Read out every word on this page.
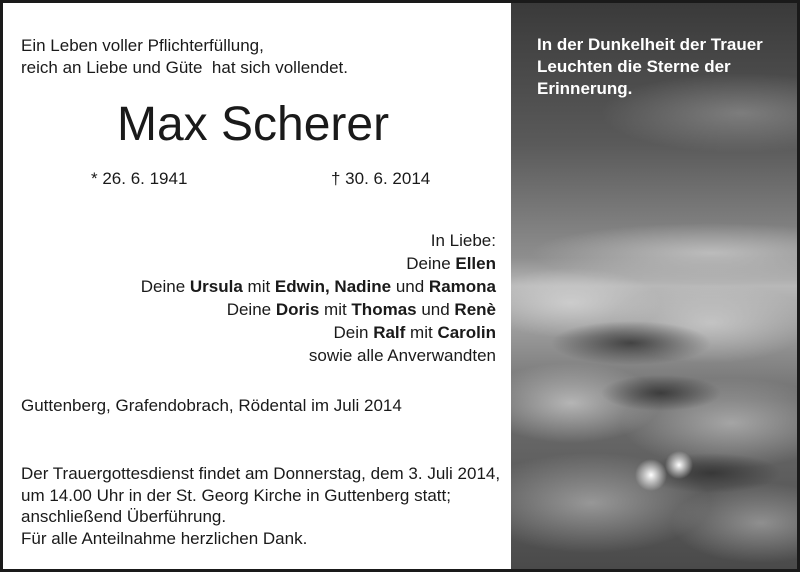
Ein Leben voller Pflichterfüllung,
reich an Liebe und Güte  hat sich vollendet.
Max Scherer
* 26. 6. 1941	† 30. 6. 2014
In Liebe:
Deine Ellen
Deine Ursula mit Edwin, Nadine und Ramona
Deine Doris mit Thomas und Renè
Dein Ralf mit Carolin
sowie alle Anverwandten
Guttenberg, Grafendobrach, Rödental im Juli 2014
Der Trauergottesdienst findet am Donnerstag, dem 3. Juli 2014,
um 14.00 Uhr in der St. Georg Kirche in Guttenberg statt;
anschließend Überführung.
Für alle Anteilnahme herzlichen Dank.
In der Dunkelheit der Trauer
Leuchten die Sterne der
Erinnerung.
